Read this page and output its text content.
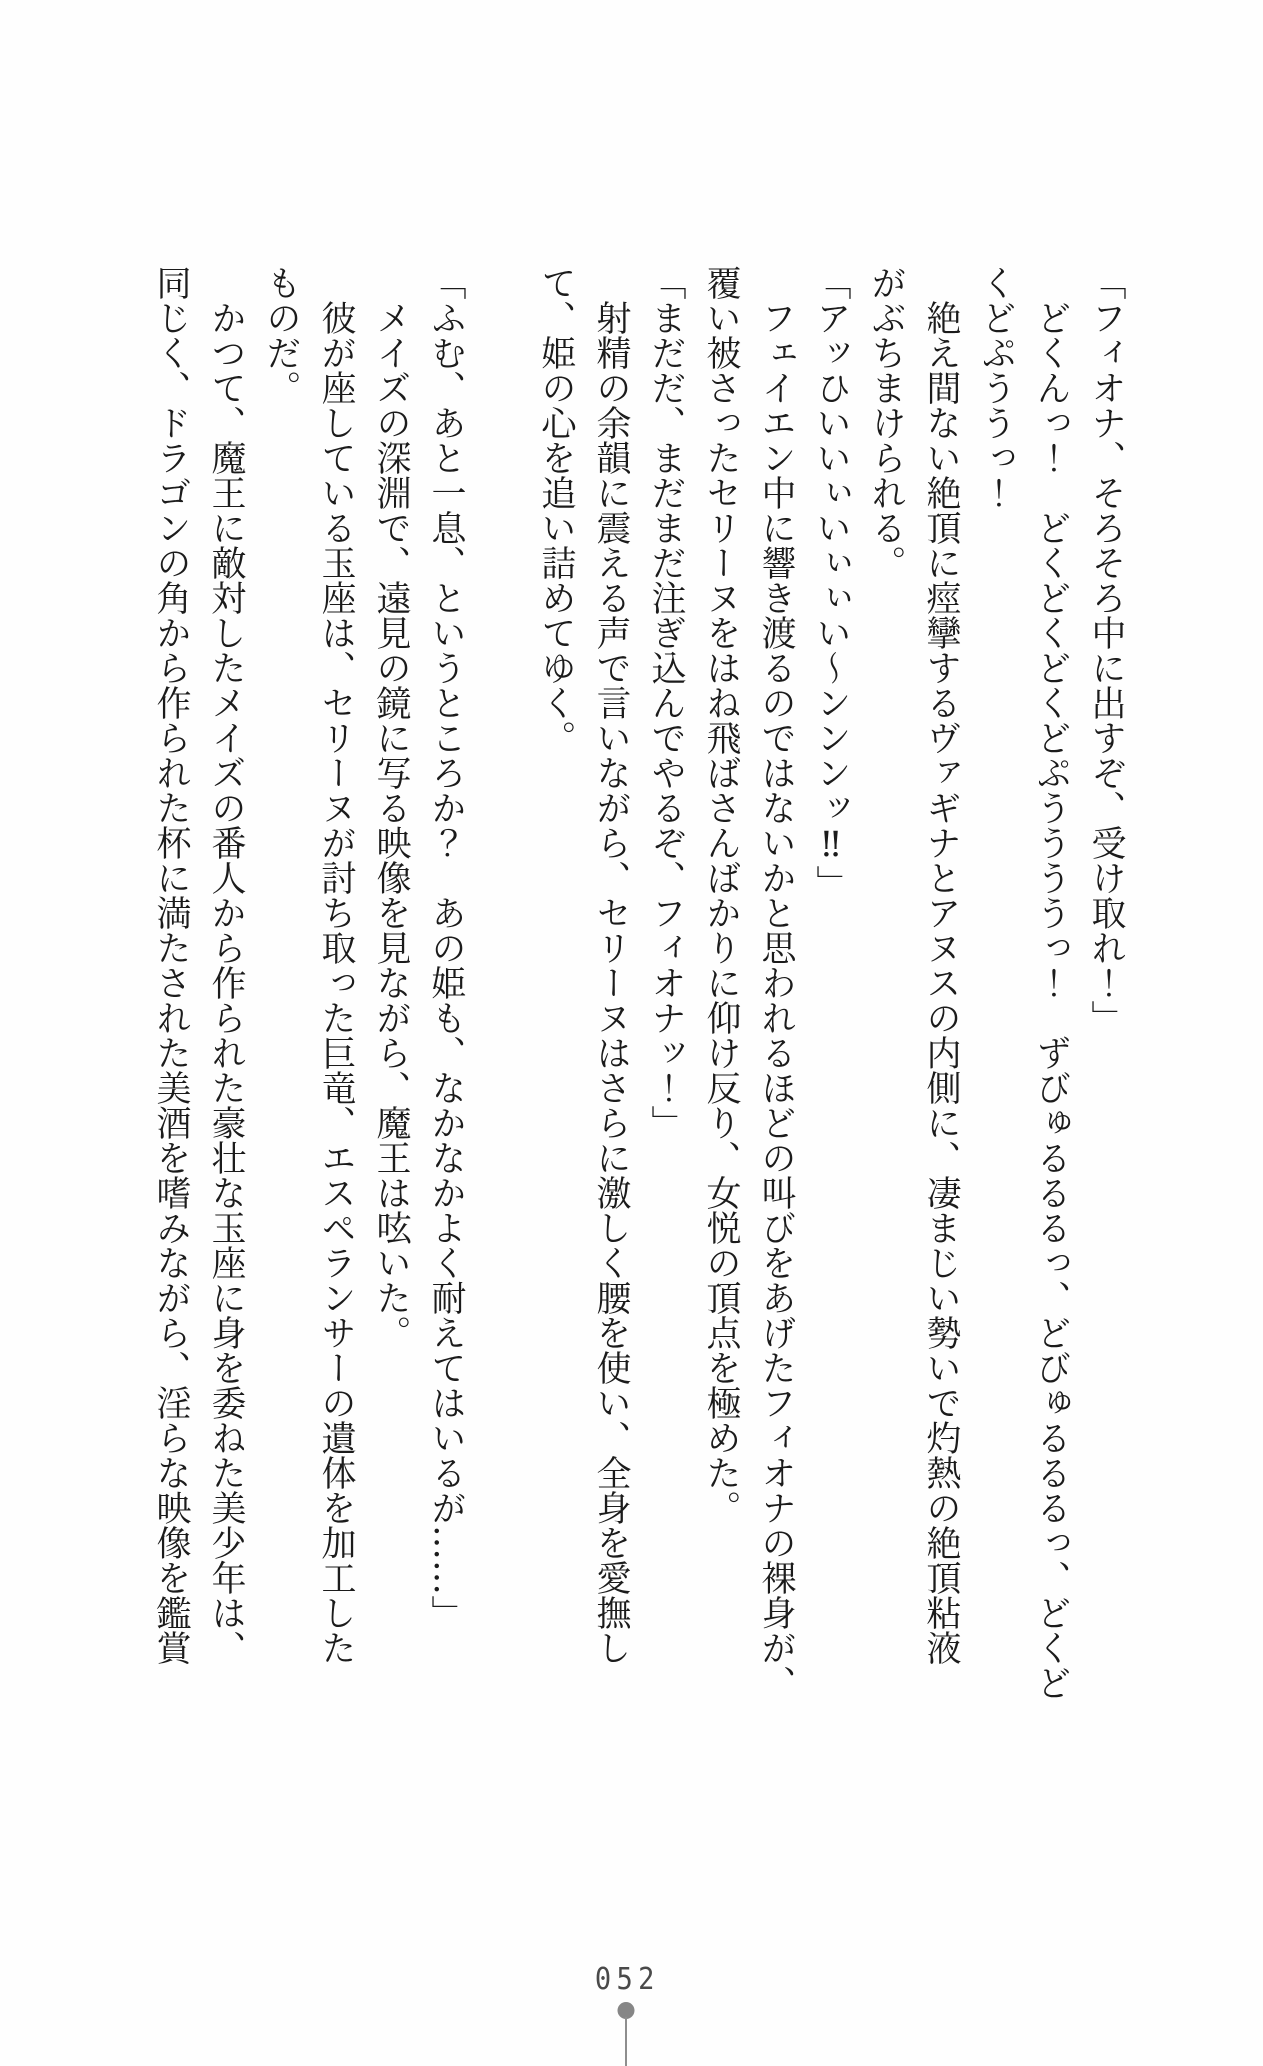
「フィオナ、そろそろ中に出すぞ、受け取れ！」
　どくんっ！　どくどくどくどぷううううっ！　ずびゅるるるっ、どびゅるるるっ、どくど
くどぷううっ！
　絶え間ない絶頂に痙攣するヴァギナとアヌスの内側に、凄まじい勢いで灼熱の絶頂粘液
がぶちまけられる。
「アッひいいぃいぃぃい～ンンンッ‼」
　フェイエン中に響き渡るのではないかと思われるほどの叫びをあげたフィオナの裸身が、
覆い被さったセリーヌをはね飛ばさんばかりに仰け反り、女悦の頂点を極めた。
「まだだ、まだまだ注ぎ込んでやるぞ、フィオナッ！」
　射精の余韻に震える声で言いながら、セリーヌはさらに激しく腰を使い、全身を愛撫し
て、姫の心を追い詰めてゆく。
「ふむ、あと一息、というところか？　あの姫も、なかなかよく耐えてはいるが……」
　メイズの深淵で、遠見の鏡に写る映像を見ながら、魔王は呟いた。
　彼が座している玉座は、セリーヌが討ち取った巨竜、エスペランサーの遺体を加工した
ものだ。
　かつて、魔王に敵対したメイズの番人から作られた豪壮な玉座に身を委ねた美少年は、
同じく、ドラゴンの角から作られた杯に満たされた美酒を嗜みながら、淫らな映像を鑑賞
052
